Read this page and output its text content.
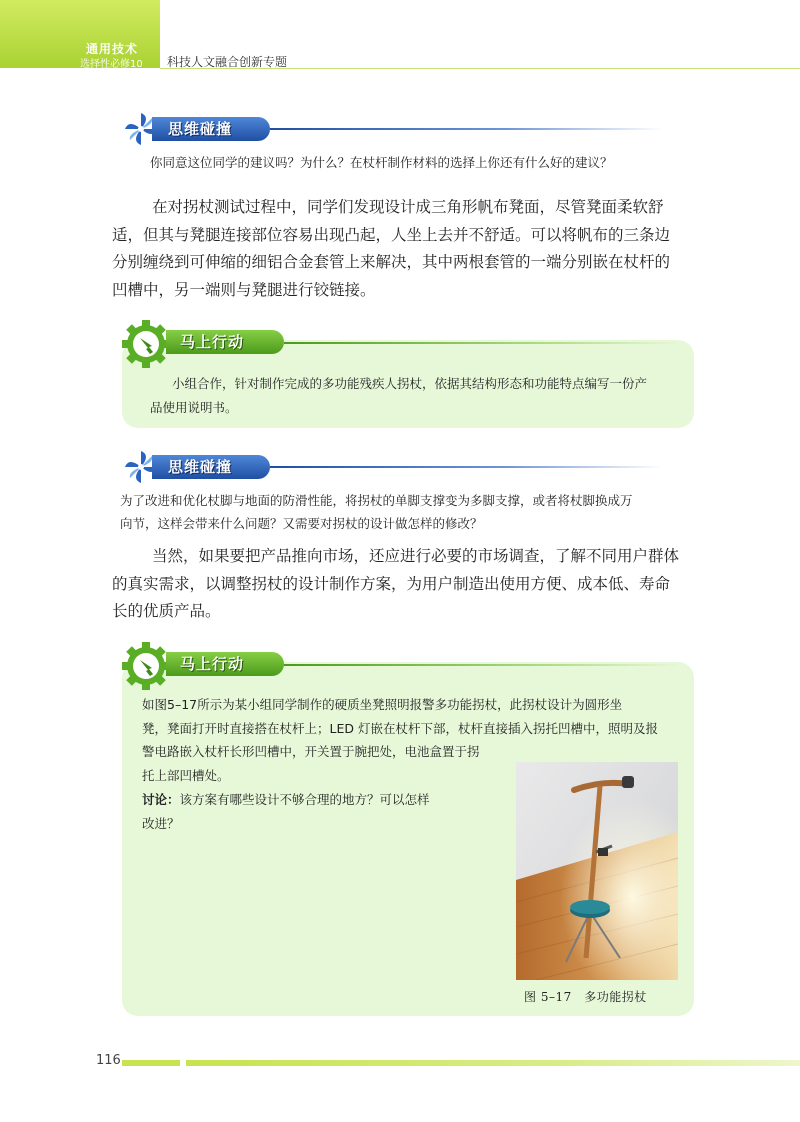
通用技术
选择性必修10 科技人文融合创新专题
思维碰撞
你同意这位同学的建议吗？为什么？在杖杆制作材料的选择上你还有什么好的建议？
在对拐杖测试过程中，同学们发现设计成三角形帆布凳面，尽管凳面柔软舒
适，但其与凳腿连接部位容易出现凸起，人坐上去并不舒适。可以将帆布的三条边
分别缠绕到可伸缩的细铝合金套管上来解决，其中两根套管的一端分别嵌在杖杆的
凹槽中，另一端则与凳腿进行铰链接。
马上行动
小组合作，针对制作完成的多功能残疾人拐杖，依据其结构形态和功能特点编写一份产
品使用说明书。
思维碰撞
为了改进和优化杖脚与地面的防滑性能，将拐杖的单脚支撑变为多脚支撑，或者将杖脚换成万
向节，这样会带来什么问题？又需要对拐杖的设计做怎样的修改？
当然，如果要把产品推向市场，还应进行必要的市场调查，了解不同用户群体
的真实需求，以调整拐杖的设计制作方案，为用户制造出使用方便、成本低、寿命
长的优质产品。
马上行动
如图5–17所示为某小组同学制作的硬质坐凳照明报警多功能拐杖，此拐杖设计为圆形坐
凳，凳面打开时直接搭在杖杆上；LED 灯嵌在杖杆下部，杖杆直接插入拐托凹槽中，照明及报
警电路嵌入杖杆长形凹槽中，开关置于腕把处，电池盒置于拐
托上部凹槽处。
讨论：该方案有哪些设计不够合理的地方？可以怎样
改进？
图 5–17　多功能拐杖
116
